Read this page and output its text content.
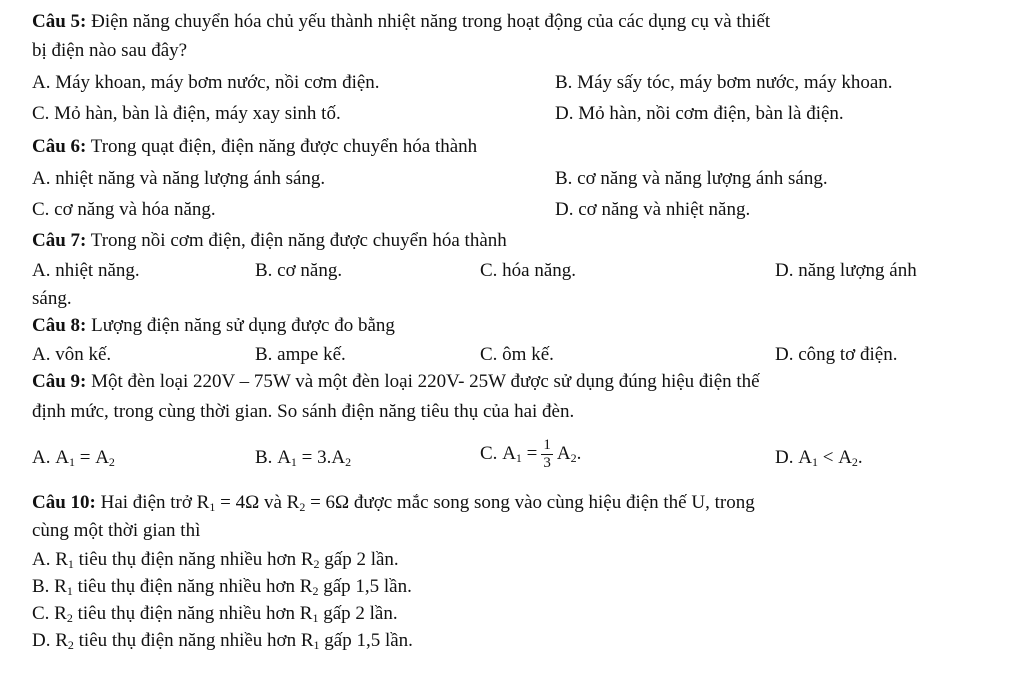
Câu 5: Điện năng chuyển hóa chủ yếu thành nhiệt năng trong hoạt động của các dụng cụ và thiết
bị điện nào sau đây?
A. Máy khoan, máy bơm nước, nồi cơm điện.	B. Máy sấy tóc, máy bơm nước, máy khoan.
C. Mỏ hàn, bàn là điện, máy xay sinh tố.	D. Mỏ hàn, nồi cơm điện, bàn là điện.
Câu 6: Trong quạt điện, điện năng được chuyển hóa thành
A. nhiệt năng và năng lượng ánh sáng.	B. cơ năng và năng lượng ánh sáng.
C. cơ năng và hóa năng.	D. cơ năng và nhiệt năng.
Câu 7: Trong nồi cơm điện, điện năng được chuyển hóa thành
A. nhiệt năng.	B. cơ năng.	C. hóa năng.	D. năng lượng ánh
sáng.
Câu 8: Lượng điện năng sử dụng được đo bằng
A. vôn kế.	B. ampe kế.	C. ôm kế.	D. công tơ điện.
Câu 9: Một đèn loại 220V – 75W và một đèn loại 220V- 25W được sử dụng đúng hiệu điện thế
định mức, trong cùng thời gian. So sánh điện năng tiêu thụ của hai đèn.
A. $A_1 = A_2$	B. $A_1 = 3.A_2$	C. $A_1 = \frac{1}{3} A_2$.	D. $A_1 < A_2$.
Câu 10: Hai điện trở $R_1 = 4\Omega$ và $R_2 = 6\Omega$ được mắc song song vào cùng hiệu điện thế U, trong
cùng một thời gian thì
A. $R_1$ tiêu thụ điện năng nhiều hơn $R_2$ gấp 2 lần.
B. $R_1$ tiêu thụ điện năng nhiều hơn $R_2$ gấp 1,5 lần.
C. $R_2$ tiêu thụ điện năng nhiều hơn $R_1$ gấp 2 lần.
D. $R_2$ tiêu thụ điện năng nhiều hơn $R_1$ gấp 1,5 lần.
